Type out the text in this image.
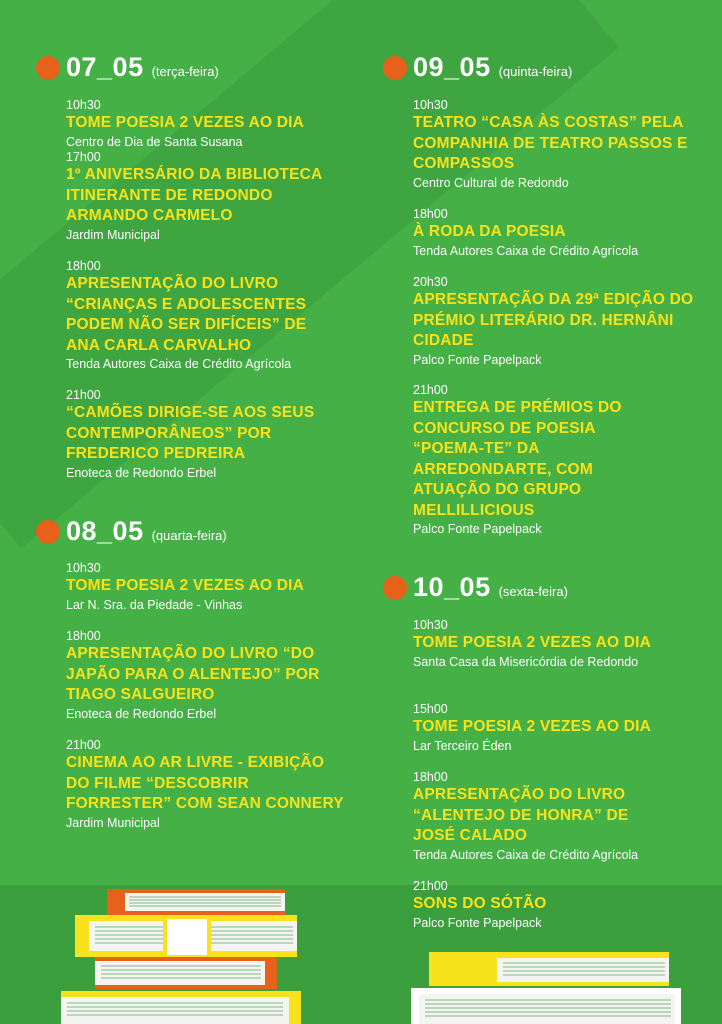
07_05 (terça-feira)
10h30
TOME POESIA 2 VEZES AO DIA
Centro de Dia de Santa Susana
17h00
1º ANIVERSÁRIO DA BIBLIOTECA ITINERANTE DE REDONDO ARMANDO CARMELO
Jardim Municipal
18h00
APRESENTAÇÃO DO LIVRO “CRIANÇAS E ADOLESCENTES PODEM NÃO SER DIFÍCEIS” DE ANA CARLA CARVALHO
Tenda Autores Caixa de Crédito Agrícola
21h00
“CAMÕES DIRIGE-SE AOS SEUS CONTEMPORÂNEOS” POR FREDERICO PEDREIRA
Enoteca de Redondo Erbel
08_05 (quarta-feira)
10h30
TOME POESIA 2 VEZES AO DIA
Lar N. Sra. da Piedade - Vinhas
18h00
APRESENTAÇÃO DO LIVRO “DO JAPÃO PARA O ALENTEJO” POR TIAGO SALGUEIRO
Enoteca de Redondo Erbel
21h00
CINEMA AO AR LIVRE - EXIBIÇÃO DO FILME “DESCOBRIR FORRESTER” COM SEAN CONNERY
Jardim Municipal
09_05 (quinta-feira)
10h30
TEATRO “CASA ÀS COSTAS” PELA COMPANHIA DE TEATRO PASSOS E COMPASSOS
Centro Cultural de Redondo
18h00
À RODA DA POESIA
Tenda Autores Caixa de Crédito Agrícola
20h30
APRESENTAÇÃO DA 29ª EDIÇÃO DO PRÉMIO LITERÁRIO DR. HERNÂNI CIDADE
Palco Fonte Papelpack
21h00
ENTREGA DE PRÉMIOS DO CONCURSO DE POESIA “POEMA-TE” DA ARREDONDARTE, COM ATUAÇÃO DO GRUPO MELLILLICIOUS
Palco Fonte Papelpack
10_05 (sexta-feira)
10h30
TOME POESIA 2 VEZES AO DIA
Santa Casa da Misericórdia de Redondo
15h00
TOME POESIA 2 VEZES AO DIA
Lar Terceiro Éden
18h00
APRESENTAÇÃO DO LIVRO “ALENTEJO DE HONRA” DE JOSÉ CALADO
Tenda Autores Caixa de Crédito Agrícola
21h00
SONS DO SÓTÃO
Palco Fonte Papelpack
